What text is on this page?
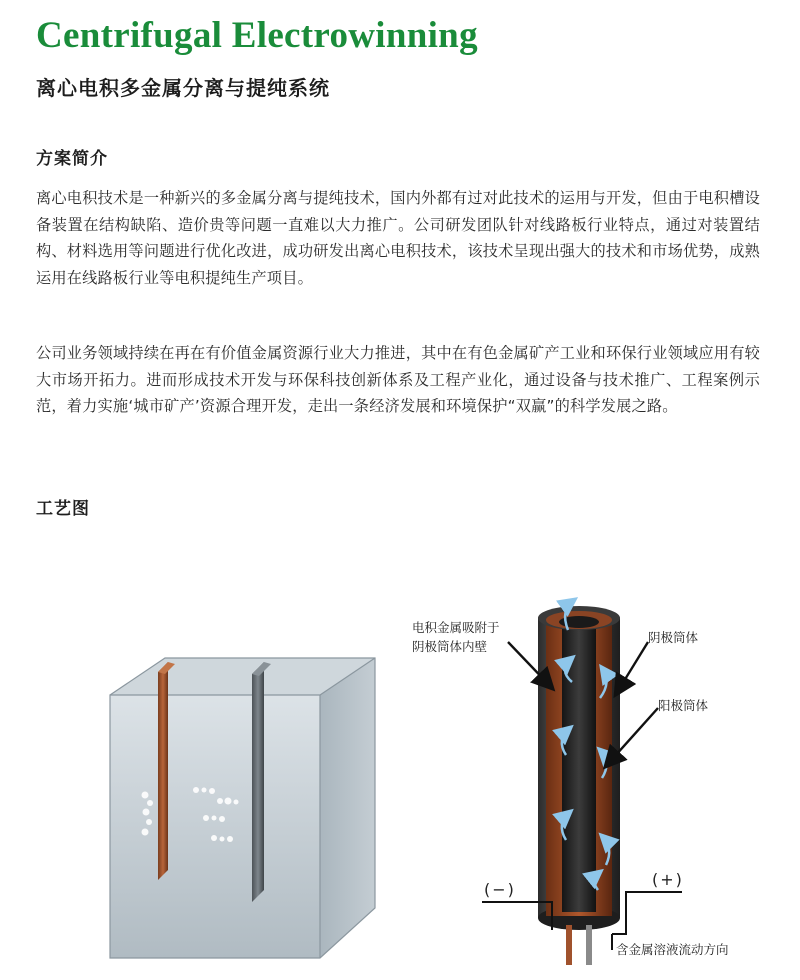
Centrifugal Electrowinning
离心电积多金属分离与提纯系统
方案简介

离心电积技术是一种新兴的多金属分离与提纯技术，国内外都有过对此技术的运用与开发，但由于电积槽设备装置在结构缺陷、造价贵等问题一直难以大力推广。公司研发团队针对线路板行业特点，通过对装置结构、材料选用等问题进行优化改进，成功研发出离心电积技术，该技术呈现出强大的技术和市场优势，成熟运用在线路板行业等电积提纯生产项目。

公司业务领域持续在再在有价值金属资源行业大力推进，其中在有色金属矿产工业和环保行业领域应用有较大市场开拓力。进而形成技术开发与环保科技创新体系及工程产业化，通过设备与技术推广、工程案例示范，着力实施‘城市矿产’资源合理开发，走出一条经济发展和环境保护“双赢”的科学发展之路。

工艺图

电积金属吸附于

阴极筒体内壁

阴极筒体

阳极筒体

(−)

(+)

含金属溶液流动方向
